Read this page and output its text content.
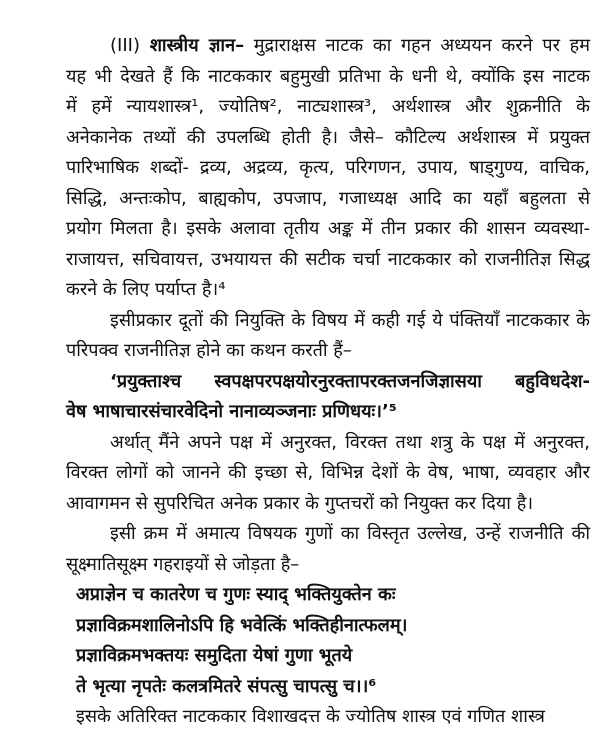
(III) शास्त्रीय ज्ञान– मुद्राराक्षस नाटक का गहन अध्ययन करने पर हम
यह भी देखते हैं कि नाटककार बहुमुखी प्रतिभा के धनी थे, क्योंकि इस नाटक
में हमें न्यायशास्त्र¹, ज्योतिष², नाट्यशास्त्र³, अर्थशास्त्र और शुक्रनीति के
अनेकानेक तथ्यों की उपलब्धि होती है। जैसे– कौटिल्य अर्थशास्त्र में प्रयुक्त
पारिभाषिक शब्दों- द्रव्य, अद्रव्य, कृत्य, परिगणन, उपाय, षाड्गुण्य, वाचिक,
सिद्धि, अन्तःकोप, बाह्यकोप, उपजाप, गजाध्यक्ष आदि का यहाँ बहुलता से
प्रयोग मिलता है। इसके अलावा तृतीय अङ्क में तीन प्रकार की शासन व्यवस्था-
राजायत्त, सचिवायत्त, उभयायत्त की सटीक चर्चा नाटककार को राजनीतिज्ञ सिद्ध
करने के लिए पर्याप्त है।⁴
इसीप्रकार दूतों की नियुक्ति के विषय में कही गई ये पंक्तियाँ नाटककार के
परिपक्व राजनीतिज्ञ होने का कथन करती हैं–
‘प्रयुक्ताश्च स्वपक्षपरपक्षयोरनुरक्तापरक्तजनजिज्ञासया बहुविधदेश-
वेष भाषाचारसंचारवेदिनो नानाव्यञ्जनाः प्रणिधयः।’⁵
अर्थात् मैंने अपने पक्ष में अनुरक्त, विरक्त तथा शत्रु के पक्ष में अनुरक्त,
विरक्त लोगों को जानने की इच्छा से, विभिन्न देशों के वेष, भाषा, व्यवहार और
आवागमन से सुपरिचित अनेक प्रकार के गुप्तचरों को नियुक्त कर दिया है।
इसी क्रम में अमात्य विषयक गुणों का विस्तृत उल्लेख, उन्हें राजनीति की
सूक्ष्मातिसूक्ष्म गहराइयों से जोड़ता है–
अप्राज्ञेन च कातरेण च गुणः स्याद् भक्तियुक्तेन कः
प्रज्ञाविक्रमशालिनोऽपि हि भवेत्किं भक्तिहीनात्फलम्।
प्रज्ञाविक्रमभक्तयः समुदिता येषां गुणा भूतये
ते भृत्या नृपतेः कलत्रमितरे संपत्सु चापत्सु च।।⁶
इसके अतिरिक्त नाटककार विशाखदत्त के ज्योतिष शास्त्र एवं गणित शास्त्र
